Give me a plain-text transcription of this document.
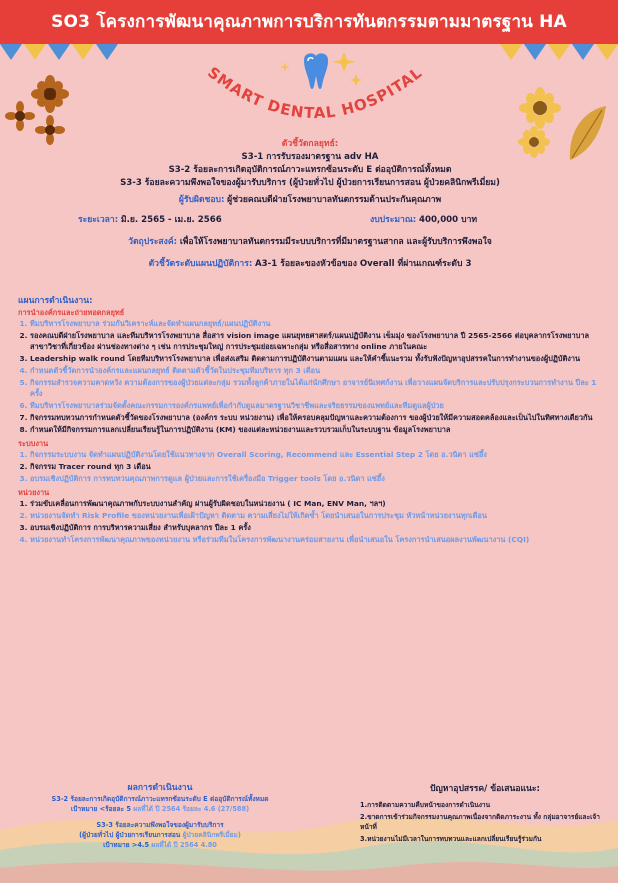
SO3 โครงการพัฒนาคุณภาพการบริการทันตกรรมตามมาตรฐาน HA
SMART DENTAL HOSPITAL
ตัวชี้วัดกลยุทธ์:
S3-1 การรับรองมาตรฐาน adv HA
S3-2 ร้อยละการเกิดอุบัติการณ์ภาวะแทรกซ้อนระดับ E ต่ออุบัติการณ์ทั้งหมด
S3-3 ร้อยละความพึงพอใจของผู้มารับบริการ (ผู้ป่วยทั่วไป ผู้ป่วยการเรียนการสอน ผู้ป่วยคลินิกพรีเมี่ยม)
ผู้รับผิดชอบ: ผู้ช่วยคณบดีฝ่ายโรงพยาบาลทันตกรรมด้านประกันคุณภาพ
ระยะเวลา: มิ.ย. 2565 - เม.ย. 2566	งบประมาณ: 400,000 บาท
วัตถุประสงค์: เพื่อให้โรงพยาบาลทันตกรรมมีระบบบริการที่มีมาตรฐานสากล และผู้รับบริการพึงพอใจ
ตัวชี้วัดระดับแผนปฏิบัติการ: A3-1 ร้อยละของหัวข้อของ Overall ที่ผ่านเกณฑ์ระดับ 3
แผนการดำเนินงาน:
การนำองค์กรและถ่ายทอดกลยุทธ์
1. ทีมบริหารโรงพยาบาล ร่วมกันวิเคราะห์และจัดทำแผนกลยุทธ์/แผนปฏิบัติงาน
2. รองคณบดีฝ่ายโรงพยาบาล และทีมบริหารโรงพยาบาล สื่อสาร vision image แผนยุทธศาสตร์/แผนปฏิบัติงาน เข็มมุ่ง ของโรงพยาบาล ปี 2565-2566 ต่อบุคลากรโรงพยาบาล สาขาวิชาที่เกี่ยวข้อง ผ่านช่องทางต่าง ๆ เช่น การประชุมใหญ่ การประชุมย่อยเฉพาะกลุ่ม หรือสื่อสารทาง online ภายในคณะ
3. Leadership walk round โดยทีมบริหารโรงพยาบาล เพื่อส่งเสริม ติดตามการปฏิบัติงานตามแผน และให้คำชี้แนะรวม ทั้งรับฟังปัญหาอุปสรรคในการทำงานของผู้ปฏิบัติงาน
4. กำหนดตัวชี้วัดการนำองค์กรและแผนกลยุทธ์ ติดตามตัวชี้วัดในประชุมทีมบริหาร ทุก 3 เดือน
5. กิจกรรมสำรวจความคาดหวัง ความต้องการของผู้ป่วยแต่ละกลุ่ม รวมทั้งลูกค้าภายในได้แก่นักศึกษา อาจารย์นิเทศก์งาน เพื่อวางแผนจัดบริการและปรับปรุงกระบวนการทำงาน ปีละ 1 ครั้ง
6. ทีมบริหารโรงพยาบาลร่วมจัดตั้งคณะกรรมการองค์กรแพทย์เพื่อกำกับดูแลมาตรฐานวิชาชีพและจริยธรรมของแพทย์และทีมดูแลผู้ป่วย
7. กิจกรรมทบทวนการกำหนดตัวชี้วัดของโรงพยาบาล (องค์กร ระบบ หน่วยงาน) เพื่อให้ครอบคลุมปัญหาและความต้องการ ของผู้ป่วยให้มีความสอดคล้องและเป็นไปในทิศทางเดียวกัน
8. กำหนดให้มีกิจกรรมการแลกเปลี่ยนเรียนรู้ในการปฏิบัติงาน (KM) ของแต่ละหน่วยงานและรวบรวมเก็บในระบบฐาน ข้อมูลโรงพยาบาล
ระบบงาน
1. กิจกรรมระบบงาน จัดทำแผนปฏิบัติงานโดยใช้แนวทางจาก Overall Scoring, Recommend และ Essential Step 2 โดย อ.วนิดา แซ่อึ้ง
2. กิจกรรม Tracer round ทุก 3 เดือน
3. อบรมเชิงปฏิบัติการ การทบทวนคุณภาพการดูแล ผู้ป่วยและการใช้เครื่องมือ Trigger tools โดย อ.วนิดา แซ่อึ้ง
หน่วยงาน
1. ร่วมขับเคลื่อนการพัฒนาคุณภาพกับระบบงานสำคัญ ผ่านผู้รับผิดชอบในหน่วยงาน ( IC Man, ENV Man, ฯลฯ)
2. หน่วยงานจัดทำ Risk Profile ของหน่วยงานเพื่อเฝ้าปัญหา ติดตาม ความเสี่ยงไม่ให้เกิดซ้ำ โดยนำเสนอในการประชุม หัวหน้าหน่วยงานทุกเดือน
3. อบรมเชิงปฏิบัติการ การบริหารความเสี่ยง สำหรับบุคลากร ปีละ 1 ครั้ง
4. หน่วยงานทำโครงการพัฒนาคุณภาพของหน่วยงาน หรือร่วมทีมในโครงการพัฒนางานคร่อมสายงาน เพื่อนำเสนอใน โครงการนำเสนอผลงานพัฒนางาน (CQI)
ผลการดำเนินงาน
S3-2 ร้อยละการเกิดอุบัติการณ์ภาวะแทรกซ้อนระดับ E ต่ออุบัติการณ์ทั้งหมด
เป้าหมาย <ร้อยละ 5 ผลที่ได้ ปี 2564 ร้อยละ 4.6 (27/588)
S3-3 ร้อยละความพึงพอใจของผู้มารับบริการ
(ผู้ป่วยทั่วไป ผู้ป่วยการเรียนการสอน ผู้ป่วยคลินิกพรีเมี่ยม)
เป้าหมาย >4.5 ผลที่ได้ ปี 2564 4.80
ปัญหาอุปสรรค/ ข้อเสนอแนะ:
1.การติดตามความคืบหน้าของการดำเนินงาน
2.ขาดการเข้าร่วมกิจกรรมงานคุณภาพเนื่องจากติดภาระงาน ทั้ง กลุ่มอาจารย์และเจ้าหน้าที่
3.หน่วยงานไม่มีเวลาในการทบทวนและแลกเปลี่ยนเรียนรู้ร่วมกัน
